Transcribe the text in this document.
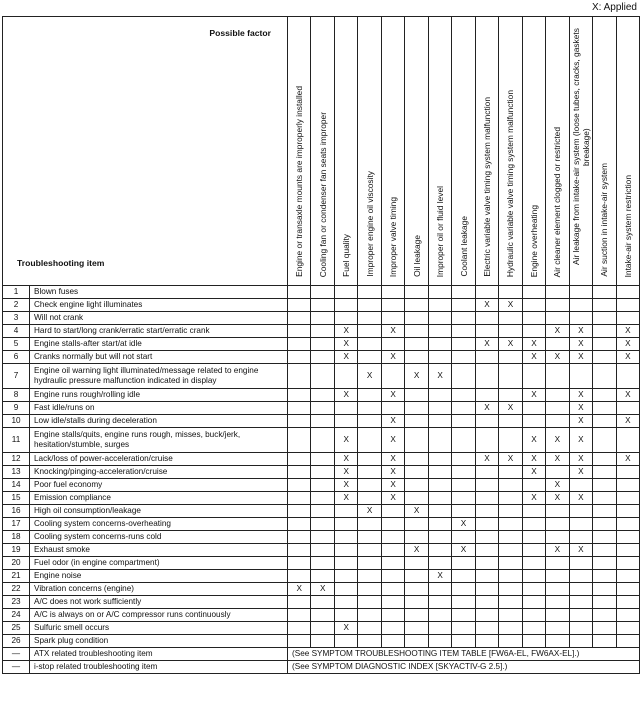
X: Applied
Possible factor
Troubleshooting item		Engine or transaxle mounts are improperly installed	Cooling fan or condenser fan seats improper	Fuel quality	Improper engine oil viscosity	Improper valve timing	Oil leakage	Improper oil or fluid level	Coolant leakage	Electric variable valve timing system malfunction	Hydraulic variable valve timing system malfunction	Engine overheating	Air cleaner element clogged or restricted	Air leakage from intake-air system (loose tubes, cracks, gaskets breakage)	Air suction in intake-air system	Intake-air system restriction

1	Blown fuses															
2	Check engine light illuminates									X	X					
3	Will not crank															
4	Hard to start/long crank/erratic start/erratic crank			X		X							X	X		X
5	Engine stalls-after start/at idle			X						X	X	X		X		X
6	Cranks normally but will not start			X		X						X	X	X		X
7	Engine oil warning light illuminated/message related to engine hydraulic pressure malfunction indicated in display				X		X	X								
8	Engine runs rough/rolling idle			X		X						X		X		X
9	Fast idle/runs on									X	X			X		
10	Low idle/stalls during deceleration					X								X		X
11	Engine stalls/quits, engine runs rough, misses, buck/jerk, hesitation/stumble, surges			X		X						X	X	X		
12	Lack/loss of power-acceleration/cruise			X		X				X	X	X	X	X		X
13	Knocking/pinging-acceleration/cruise			X		X						X		X		
14	Poor fuel economy			X		X							X			
15	Emission compliance			X		X						X	X	X		
16	High oil consumption/leakage				X		X									
17	Cooling system concerns-overheating								X							
18	Cooling system concerns-runs cold															
19	Exhaust smoke						X		X				X	X		
20	Fuel odor (in engine compartment)															
21	Engine noise							X								
22	Vibration concerns (engine)	X	X													
23	A/C does not work sufficiently															
24	A/C is always on or A/C compressor runs continuously															
25	Sulfuric smell occurs			X												
26	Spark plug condition															
—	ATX related troubleshooting item	(See SYMPTOM TROUBLESHOOTING ITEM TABLE [FW6A-EL, FW6AX-EL].)														
—	i-stop related troubleshooting item	(See SYMPTOM DIAGNOSTIC INDEX [SKYACTIV-G 2.5].)														
